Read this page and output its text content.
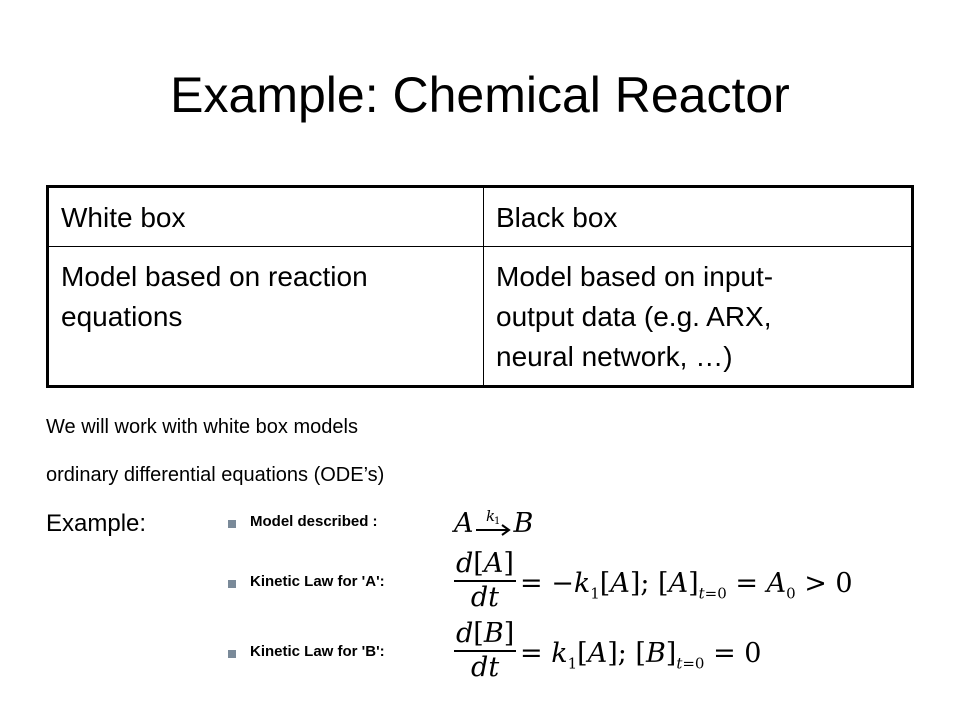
Example: Chemical Reactor
White box	Black box
Model based on reaction equations	Model based on input-
output data (e.g. ARX,
neural network, …)
We will work with white box models
ordinary differential equations (ODE’s)
Example:	Model described :	A k
1 B
Kinetic Law for 'A':	$\frac{d[A]}{dt} = -k_1[A]$; $[A]_{t=0} = A_0 > 0$
Kinetic Law for 'B':	$\frac{d[B]}{dt} = k_1[A]$; $[B]_{t=0} = 0$
